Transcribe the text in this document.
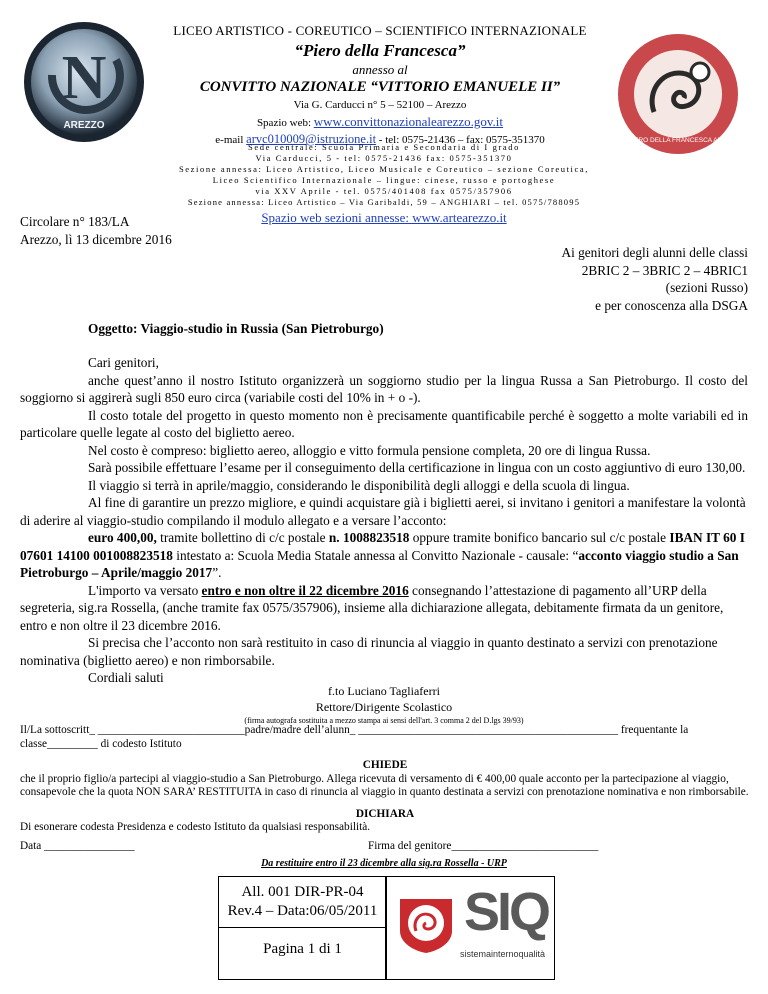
N
AREZZO
I.S. PIERO DELLA FRANCESCA AREZZO
LICEO ARTISTICO - COREUTICO – SCIENTIFICO INTERNAZIONALE
“Piero della Francesca”
annesso al
CONVITTO NAZIONALE “VITTORIO EMANUELE II”
Via G. Carducci n° 5 – 52100 – Arezzo
Spazio web: www.convittonazionalearezzo.gov.it
e-mail arvc010009@istruzione.it - tel: 0575-21436 – fax: 0575-351370
Sede centrale: Scuola Primaria e Secondaria di I grado
Via Carducci, 5 - tel: 0575-21436 fax: 0575-351370
Sezione annessa: Liceo Artistico, Liceo Musicale e Coreutico – sezione Coreutica,
Liceo Scientifico Internazionale – lingue: cinese, russo e portoghese
via XXV Aprile - tel. 0575/401408 fax 0575/357906
Sezione annessa: Liceo Artistico – Via Garibaldi, 59 – ANGHIARI – tel. 0575/788095
Spazio web sezioni annesse: www.artearezzo.it
Circolare n° 183/LA
Arezzo, lì 13 dicembre 2016
Ai genitori degli alunni delle classi
2BRIC 2 – 3BRIC 2 – 4BRIC1
(sezioni Russo)
e per conoscenza alla DSGA
Oggetto: Viaggio-studio in Russia (San Pietroburgo)

Cari genitori,

anche quest’anno il nostro Istituto organizzerà un soggiorno studio per la lingua Russa a San Pietroburgo. Il costo del soggiorno si aggirerà sugli 850 euro circa (variabile costi del 10% in + o -).

Il costo totale del progetto in questo momento non è precisamente quantificabile perché è soggetto a molte variabili ed in particolare quelle legate al costo del biglietto aereo.

Nel costo è compreso: biglietto aereo, alloggio e vitto formula pensione completa, 20 ore di lingua Russa.

Sarà possibile effettuare l’esame per il conseguimento della certificazione in lingua con un costo aggiuntivo di euro 130,00.

Il viaggio si terrà in aprile/maggio, considerando le disponibilità degli alloggi e della scuola di lingua.

Al fine di garantire un prezzo migliore, e quindi acquistare già i biglietti aerei, si invitano i genitori a manifestare la volontà di aderire al viaggio-studio compilando il modulo allegato e a versare l’acconto:

euro 400,00, tramite bollettino di c/c postale n. 1008823518 oppure tramite bonifico bancario sul c/c postale IBAN IT 60 I 07601 14100 001008823518 intestato a: Scuola Media Statale annessa al Convitto Nazionale - causale: “acconto viaggio studio a San Pietroburgo – Aprile/maggio 2017”.

L'importo va versato entro e non oltre il 22 dicembre 2016 consegnando l’attestazione di pagamento all’URP della segreteria, sig.ra Rossella, (anche tramite fax 0575/357906), insieme alla dichiarazione allegata, debitamente firmata da un genitore, entro e non oltre il 23 dicembre 2016.

Si precisa che l’acconto non sarà restituito in caso di rinuncia al viaggio in quanto destinato a servizi con prenotazione nominativa (biglietto aereo) e non rimborsabile.

Cordiali saluti

f.to Luciano Tagliaferri
Rettore/Dirigente Scolastico
(firma autografa sostituita a mezzo stampa ai sensi dell'art. 3 comma 2 del D.lgs 39/93)
Il/La sottoscritt_ __________________________padre/madre dell’alunn_ ______________________________________________ frequentante la
classe_________ di codesto Istituto
CHIEDE
che il proprio figlio/a partecipi al viaggio-studio a San Pietroburgo. Allega ricevuta di versamento di € 400,00 quale acconto per la partecipazione al viaggio, consapevole che la quota NON SARA’ RESTITUITA in caso di rinuncia al viaggio in quanto destinata a servizi con prenotazione nominativa e non rimborsabile.
DICHIARA
Di esonerare codesta Presidenza e codesto Istituto da qualsiasi responsabilità.
Data ________________	Firma del genitore__________________________
Da restituire entro il 23 dicembre alla sig.ra Rossella - URP
All. 001 DIR-PR-04
Rev.4 – Data:06/05/2011
Pagina 1 di 1
SIQ
sistemainternoqualità
